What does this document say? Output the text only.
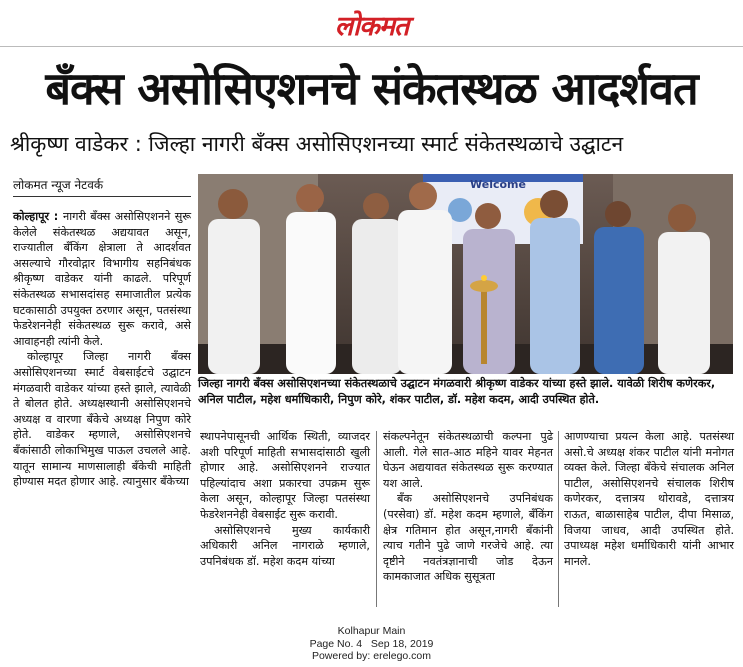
लोकमत
बँक्स असोसिएशनचे संकेतस्थळ आदर्शवत
श्रीकृष्ण वाडेकर : जिल्हा नागरी बँक्स असोसिएशनच्या स्मार्ट संकेतस्थळाचे उद्घाटन
लोकमत न्यूज नेटवर्क

कोल्हापूर : नागरी बँक्स असोसिएशनने सुरू केलेले संकेतस्थळ अद्ययावत असून, राज्यातील बँकिंग क्षेत्राला ते आदर्शवत असल्याचे गौरवोद्गार विभागीय सहनिबंधक श्रीकृष्ण वाडेकर यांनी काढले. परिपूर्ण संकेतस्थळ सभासदांसह समाजातील प्रत्येक घटकासाठी उपयुक्त ठरणार असून, पतसंस्था फेडरेशननेही संकेतस्थळ सुरू करावे, असे आवाहनही त्यांनी केले.

कोल्हापूर जिल्हा नागरी बँक्स असोसिएशनच्या स्मार्ट वेबसाईटचे उद्घाटन मंगळवारी वाडेकर यांच्या हस्ते झाले, त्यावेळी ते बोलत होते. अध्यक्षस्थानी असोसिएशनचे अध्यक्ष व वारणा बँकेचे अध्यक्ष निपुण कोरे होते. वाडेकर म्हणाले, असोसिएशनचे बँकांसाठी लोकाभिमुख पाऊल उचलले आहे. यातून सामान्य माणसालाही बँकेची माहिती होण्यास मदत होणार आहे. त्यानुसार बँकेच्या

Welcome
जिल्हा नागरी बँक्स असोसिएशनच्या संकेतस्थळाचे उद्घाटन मंगळवारी श्रीकृष्ण वाडेकर यांच्या हस्ते झाले. यावेळी शिरीष कणेरकर, अनिल पाटील, महेश धर्माधिकारी, निपुण कोरे, शंकर पाटील, डॉ. महेश कदम, आदी उपस्थित होते.

स्थापनेपासूनची आर्थिक स्थिती, व्याजदर अशी परिपूर्ण माहिती सभासदांसाठी खुली होणार आहे. असोसिएशनने राज्यात पहिल्यांदाच अशा प्रकारचा उपक्रम सुरू केला असून, कोल्हापूर जिल्हा पतसंस्था फेडरेशननेही वेबसाईट सुरू करावी.

असोसिएशनचे मुख्य कार्यकारी अधिकारी अनिल नागराळे म्हणाले, उपनिबंधक डॉ. महेश कदम यांच्या

संकल्पनेतून संकेतस्थळाची कल्पना पुढे आली. गेले सात-आठ महिने यावर मेहनत घेऊन अद्ययावत संकेतस्थळ सुरू करण्यात यश आले.

बँक असोसिएशनचे उपनिबंधक (परसेवा) डॉ. महेश कदम म्हणाले, बँकिंग क्षेत्र गतिमान होत असून,नागरी बँकांनी त्याच गतीने पुढे जाणे गरजेचे आहे. त्या दृष्टीने नवतंत्रज्ञानाची जोड देऊन कामकाजात अधिक सुसूत्रता

आणण्याचा प्रयत्न केला आहे. पतसंस्था असो.चे अध्यक्ष शंकर पाटील यांनी मनोगत व्यक्त केले. जिल्हा बँकेचे संचालक अनिल पाटील, असोसिएशनचे संचालक शिरीष कणेरकर, दत्तात्रय थोरावडे, दत्तात्रय राऊत, बाळासाहेब पाटील, दीपा मिसाळ, विजया जाधव, आदी उपस्थित होते. उपाध्यक्ष महेश धर्माधिकारी यांनी आभार मानले.

Kolhapur Main
Page No. 4 Sep 18, 2019
Powered by: erelego.com
